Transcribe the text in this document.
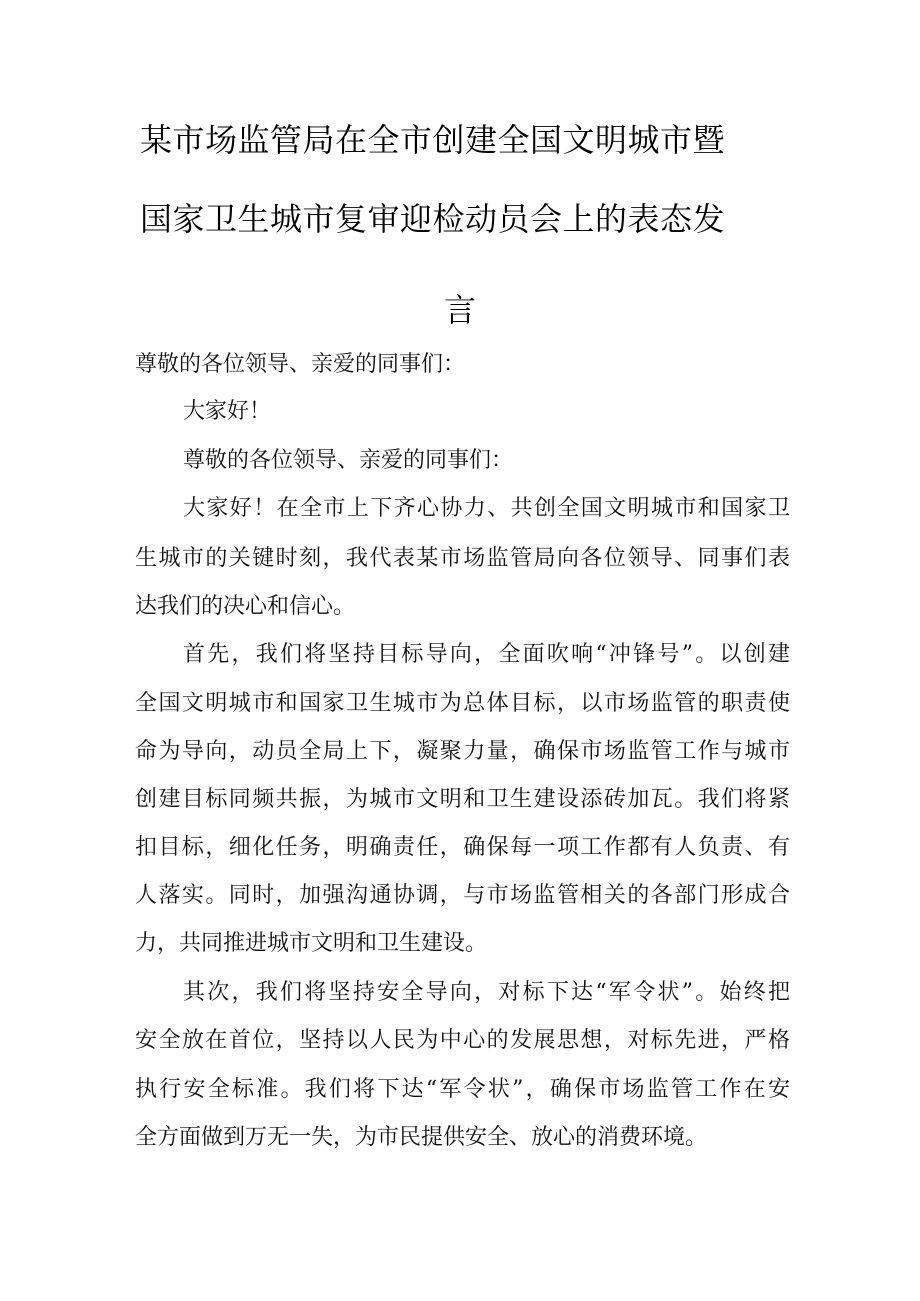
某市场监管局在全市创建全国文明城市暨
国家卫生城市复审迎检动员会上的表态发
言
尊敬的各位领导、亲爱的同事们：
大家好！
尊敬的各位领导、亲爱的同事们：
大家好！在全市上下齐心协力、共创全国文明城市和国家卫
生城市的关键时刻，我代表某市场监管局向各位领导、同事们表
达我们的决心和信心。
首先，我们将坚持目标导向，全面吹响“冲锋号”。以创建
全国文明城市和国家卫生城市为总体目标，以市场监管的职责使
命为导向，动员全局上下，凝聚力量，确保市场监管工作与城市
创建目标同频共振，为城市文明和卫生建设添砖加瓦。我们将紧
扣目标，细化任务，明确责任，确保每一项工作都有人负责、有
人落实。同时，加强沟通协调，与市场监管相关的各部门形成合
力，共同推进城市文明和卫生建设。
其次，我们将坚持安全导向，对标下达“军令状”。始终把
安全放在首位，坚持以人民为中心的发展思想，对标先进，严格
执行安全标准。我们将下达“军令状”，确保市场监管工作在安
全方面做到万无一失，为市民提供安全、放心的消费环境。
